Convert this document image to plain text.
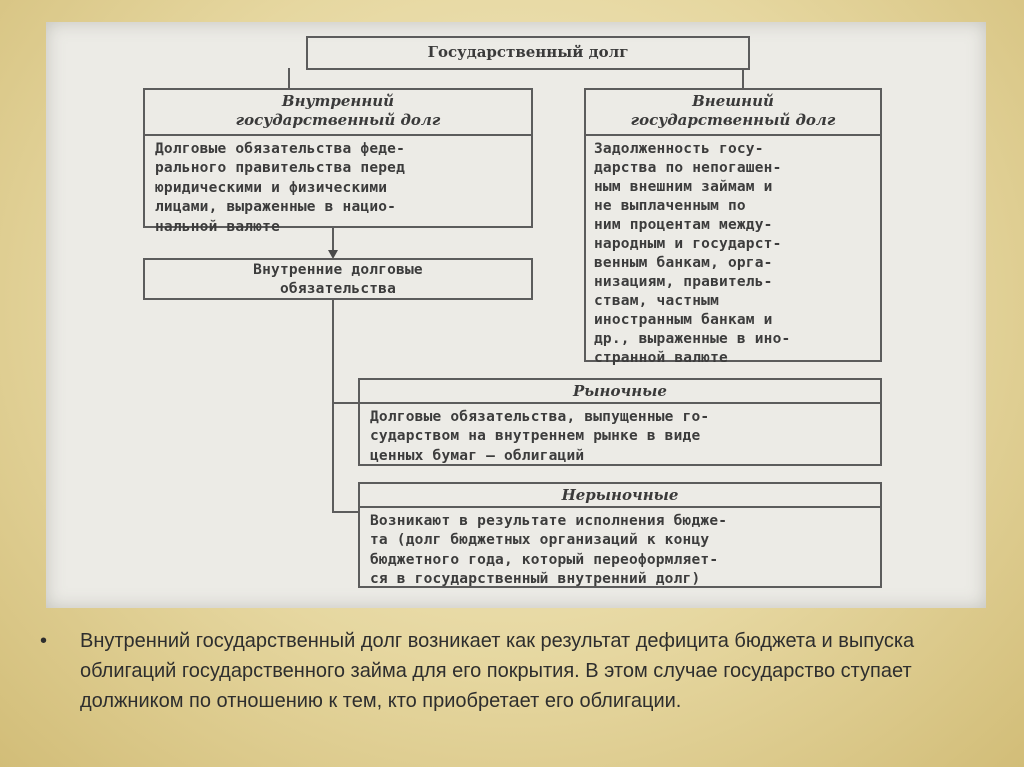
Государственный долг
Внутренний
государственный долг
Долговые обязательства феде-
рального правительства перед
юридическими и физическими
лицами, выраженные в нацио-
нальной валюте
Внешний
государственный долг
Задолженность госу-
дарства по непогашен-
ным внешним займам и
не выплаченным по
ним процентам между-
народным и государст-
венным банкам, орга-
низациям, правитель-
ствам, частным
иностранным банкам и
др., выраженные в ино-
странной валюте
Внутренние долговые
обязательства
Рыночные
Долговые обязательства, выпущенные го-
сударством на внутреннем рынке в виде
ценных бумаг — облигаций
Нерыночные
Возникают в результате исполнения бюдже-
та (долг бюджетных организаций к концу
бюджетного года, который переоформляет-
ся в государственный внутренний долг)
• Внутренний государственный долг возникает как результат дефицита бюджета и выпуска облигаций государственного займа для его покрытия. В этом случае государство ступает должником по отношению к тем, кто приобретает его облигации.
